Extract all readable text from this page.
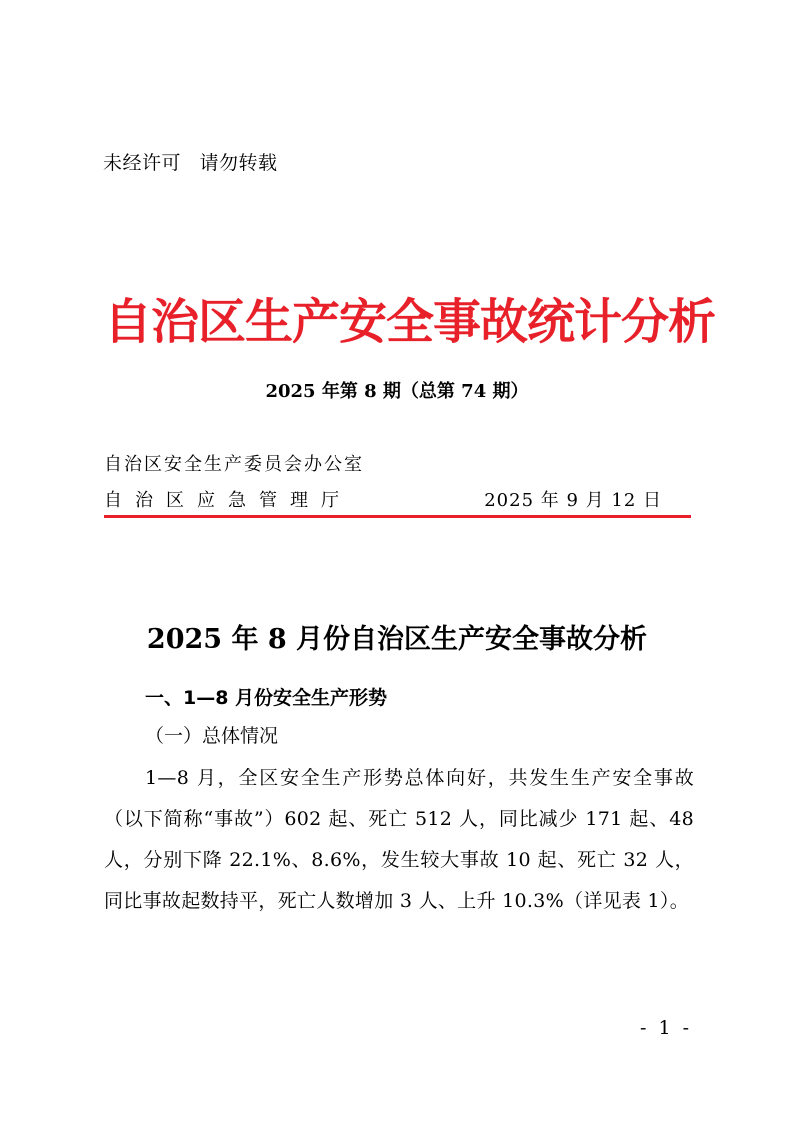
未经许可 请勿转载
自治区生产安全事故统计分析
2025 年第 8 期（总第 74 期）
自治区安全生产委员会办公室
自治区应急管理厅	2025 年 9 月 12 日
2025 年 8 月份自治区生产安全事故分析
一、1—8 月份安全生产形势
（一）总体情况
1—8 月，全区安全生产形势总体向好，共发生生产安全事故（以下简称“事故”）602 起、死亡 512 人，同比减少 171 起、48 人，分别下降 22.1%、8.6%，发生较大事故 10 起、死亡 32 人，同比事故起数持平，死亡人数增加 3 人、上升 10.3%（详见表 1）。
- 1 -
